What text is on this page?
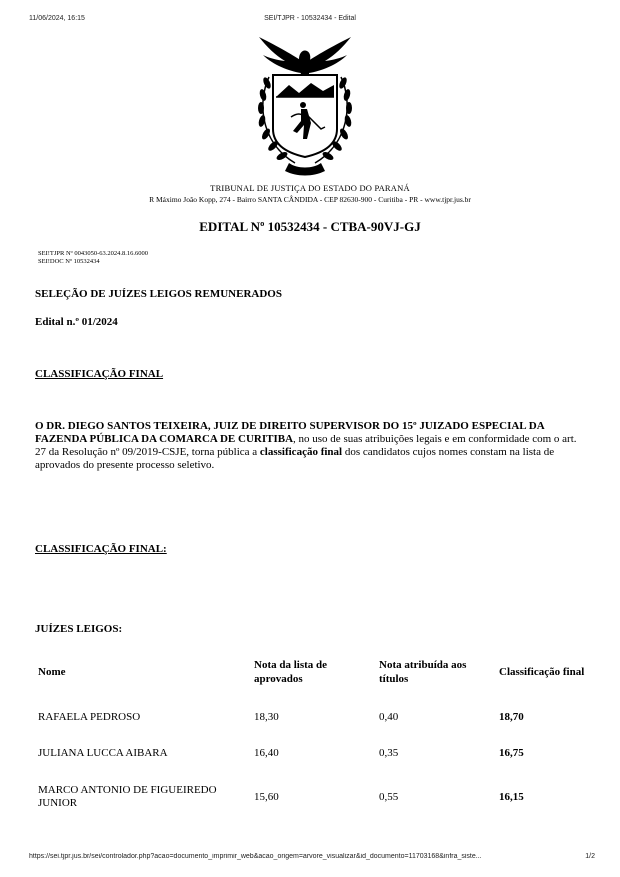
11/06/2024, 16:15	SEI/TJPR - 10532434 - Edital
TRIBUNAL DE JUSTIÇA DO ESTADO DO PARANÁ
R Máximo João Kopp, 274 - Bairro SANTA CÂNDIDA - CEP 82630-900 - Curitiba - PR - www.tjpr.jus.br
EDITAL Nº 10532434 - CTBA-90VJ-GJ
SEI!TJPR Nº 0043050-63.2024.8.16.6000
SEI!DOC Nº 10532434
SELEÇÃO DE JUÍZES LEIGOS REMUNERADOS
Edital n.º 01/2024
CLASSIFICAÇÃO FINAL
O DR. DIEGO SANTOS TEIXEIRA, JUIZ DE DIREITO SUPERVISOR DO 15º JUIZADO ESPECIAL DA FAZENDA PÚBLICA DA COMARCA DE CURITIBA, no uso de suas atribuições legais e em conformidade com o art. 27 da Resolução nº 09/2019-CSJE, torna pública a classificação final dos candidatos cujos nomes constam na lista de aprovados do presente processo seletivo.
CLASSIFICAÇÃO FINAL:
JUÍZES LEIGOS:
Nome	Nota da lista de aprovados	Nota atribuída aos títulos	Classificação final
RAFAELA PEDROSO	18,30	0,40	18,70
JULIANA LUCCA AIBARA	16,40	0,35	16,75
MARCO ANTONIO DE FIGUEIREDO JUNIOR	15,60	0,55	16,15
https://sei.tjpr.jus.br/sei/controlador.php?acao=documento_imprimir_web&acao_origem=arvore_visualizar&id_documento=11703168&infra_siste...	1/2
